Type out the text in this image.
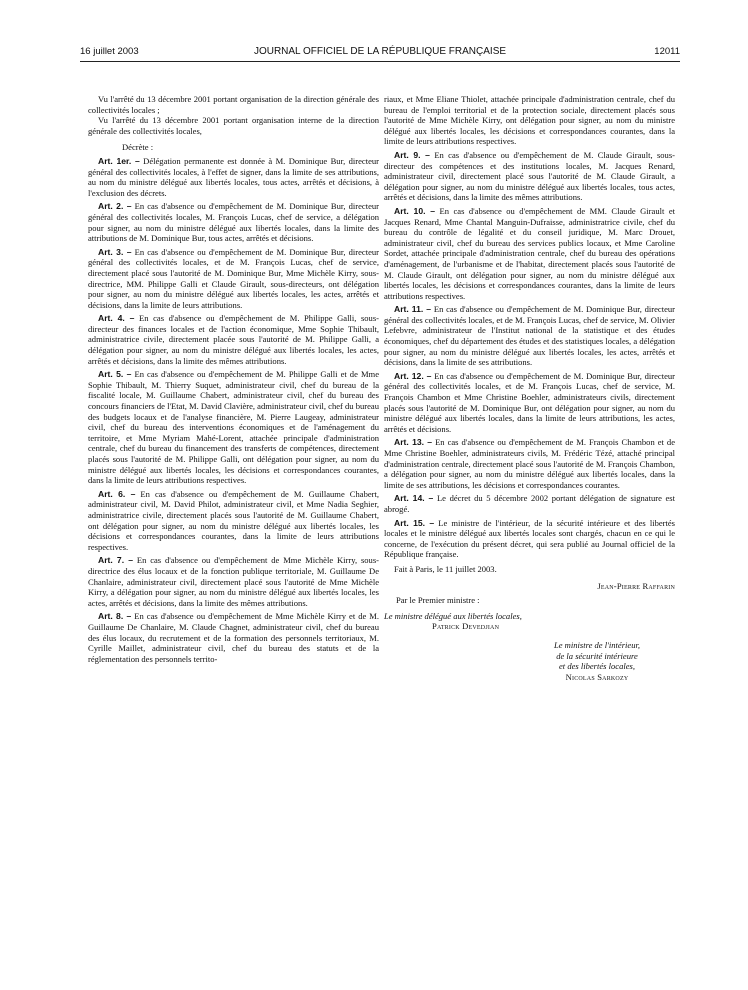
16 juillet 2003	JOURNAL OFFICIEL DE LA RÉPUBLIQUE FRANÇAISE	12011

Vu l'arrêté du 13 décembre 2001 portant organisation de la direction générale des collectivités locales ;

Vu l'arrêté du 13 décembre 2001 portant organisation interne de la direction générale des collectivités locales,

Décrète :

Art. 1er. – Délégation permanente est donnée à M. Dominique Bur, directeur général des collectivités locales, à l'effet de signer, dans la limite de ses attributions, au nom du ministre délégué aux libertés locales, tous actes, arrêtés et décisions, à l'exclusion des décrets.

Art. 2. – En cas d'absence ou d'empêchement de M. Dominique Bur, directeur général des collectivités locales, M. François Lucas, chef de service, a délégation pour signer, au nom du ministre délégué aux libertés locales, dans la limite des attributions de M. Dominique Bur, tous actes, arrêtés et décisions.

Art. 3. – En cas d'absence ou d'empêchement de M. Dominique Bur, directeur général des collectivités locales, et de M. François Lucas, chef de service, directement placé sous l'autorité de M. Dominique Bur, Mme Michèle Kirry, sous-directrice, MM. Philippe Galli et Claude Girault, sous-directeurs, ont délégation pour signer, au nom du ministre délégué aux libertés locales, les actes, arrêtés et décisions, dans la limite de leurs attributions.

Art. 4. – En cas d'absence ou d'empêchement de M. Philippe Galli, sous-directeur des finances locales et de l'action économique, Mme Sophie Thibault, administratrice civile, directement placée sous l'autorité de M. Philippe Galli, a délégation pour signer, au nom du ministre délégué aux libertés locales, les actes, arrêtés et décisions, dans la limite des mêmes attributions.

Art. 5. – En cas d'absence ou d'empêchement de M. Philippe Galli et de Mme Sophie Thibault, M. Thierry Suquet, administrateur civil, chef du bureau de la fiscalité locale, M. Guillaume Chabert, administrateur civil, chef du bureau des concours financiers de l'Etat, M. David Clavière, administrateur civil, chef du bureau des budgets locaux et de l'analyse financière, M. Pierre Laugeay, administrateur civil, chef du bureau des interventions économiques et de l'aménagement du territoire, et Mme Myriam Mahé-Lorent, attachée principale d'administration centrale, chef du bureau du financement des transferts de compétences, directement placés sous l'autorité de M. Philippe Galli, ont délégation pour signer, au nom du ministre délégué aux libertés locales, les décisions et correspondances courantes, dans la limite de leurs attributions respectives.

Art. 6. – En cas d'absence ou d'empêchement de M. Guillaume Chabert, administrateur civil, M. David Philot, administrateur civil, et Mme Nadia Seghier, administratrice civile, directement placés sous l'autorité de M. Guillaume Chabert, ont délégation pour signer, au nom du ministre délégué aux libertés locales, les décisions et correspondances courantes, dans la limite de leurs attributions respectives.

Art. 7. – En cas d'absence ou d'empêchement de Mme Michèle Kirry, sous-directrice des élus locaux et de la fonction publique territoriale, M. Guillaume De Chanlaire, administrateur civil, directement placé sous l'autorité de Mme Michèle Kirry, a délégation pour signer, au nom du ministre délégué aux libertés locales, les actes, arrêtés et décisions, dans la limite des mêmes attributions.

Art. 8. – En cas d'absence ou d'empêchement de Mme Michèle Kirry et de M. Guillaume De Chanlaire, M. Claude Chagnet, administrateur civil, chef du bureau des élus locaux, du recrutement et de la formation des personnels territoriaux, M. Cyrille Maillet, administrateur civil, chef du bureau des statuts et de la réglementation des personnels territo-

riaux, et Mme Eliane Thiolet, attachée principale d'administration centrale, chef du bureau de l'emploi territorial et de la protection sociale, directement placés sous l'autorité de Mme Michèle Kirry, ont délégation pour signer, au nom du ministre délégué aux libertés locales, les décisions et correspondances courantes, dans la limite de leurs attributions respectives.

Art. 9. – En cas d'absence ou d'empêchement de M. Claude Girault, sous-directeur des compétences et des institutions locales, M. Jacques Renard, administrateur civil, directement placé sous l'autorité de M. Claude Girault, a délégation pour signer, au nom du ministre délégué aux libertés locales, tous actes, arrêtés et décisions, dans la limite des mêmes attributions.

Art. 10. – En cas d'absence ou d'empêchement de MM. Claude Girault et Jacques Renard, Mme Chantal Manguin-Dufraisse, administratrice civile, chef du bureau du contrôle de légalité et du conseil juridique, M. Marc Drouet, administrateur civil, chef du bureau des services publics locaux, et Mme Caroline Sordet, attachée principale d'administration centrale, chef du bureau des opérations d'aménagement, de l'urbanisme et de l'habitat, directement placés sous l'autorité de M. Claude Girault, ont délégation pour signer, au nom du ministre délégué aux libertés locales, les décisions et correspondances courantes, dans la limite de leurs attributions respectives.

Art. 11. – En cas d'absence ou d'empêchement de M. Dominique Bur, directeur général des collectivités locales, et de M. François Lucas, chef de service, M. Olivier Lefebvre, administrateur de l'Institut national de la statistique et des études économiques, chef du département des études et des statistiques locales, a délégation pour signer, au nom du ministre délégué aux libertés locales, les actes, arrêtés et décisions, dans la limite de ses attributions.

Art. 12. – En cas d'absence ou d'empêchement de M. Dominique Bur, directeur général des collectivités locales, et de M. François Lucas, chef de service, M. François Chambon et Mme Christine Boehler, administrateurs civils, directement placés sous l'autorité de M. Dominique Bur, ont délégation pour signer, au nom du ministre délégué aux libertés locales, dans la limite de leurs attributions, les actes, arrêtés et décisions.

Art. 13. – En cas d'absence ou d'empêchement de M. François Chambon et de Mme Christine Boehler, administrateurs civils, M. Frédéric Tézé, attaché principal d'administration centrale, directement placé sous l'autorité de M. François Chambon, a délégation pour signer, au nom du ministre délégué aux libertés locales, dans la limite de ses attributions, les décisions et correspondances courantes.

Art. 14. – Le décret du 5 décembre 2002 portant délégation de signature est abrogé.

Art. 15. – Le ministre de l'intérieur, de la sécurité intérieure et des libertés locales et le ministre délégué aux libertés locales sont chargés, chacun en ce qui le concerne, de l'exécution du présent décret, qui sera publié au Journal officiel de la République française.

Fait à Paris, le 11 juillet 2003.

Jean-Pierre Raffarin

Par le Premier ministre :

Le ministre délégué aux libertés locales,

Patrick Devedjian

Le ministre de l'intérieur,
de la sécurité intérieure
et des libertés locales,
Nicolas Sarkozy
